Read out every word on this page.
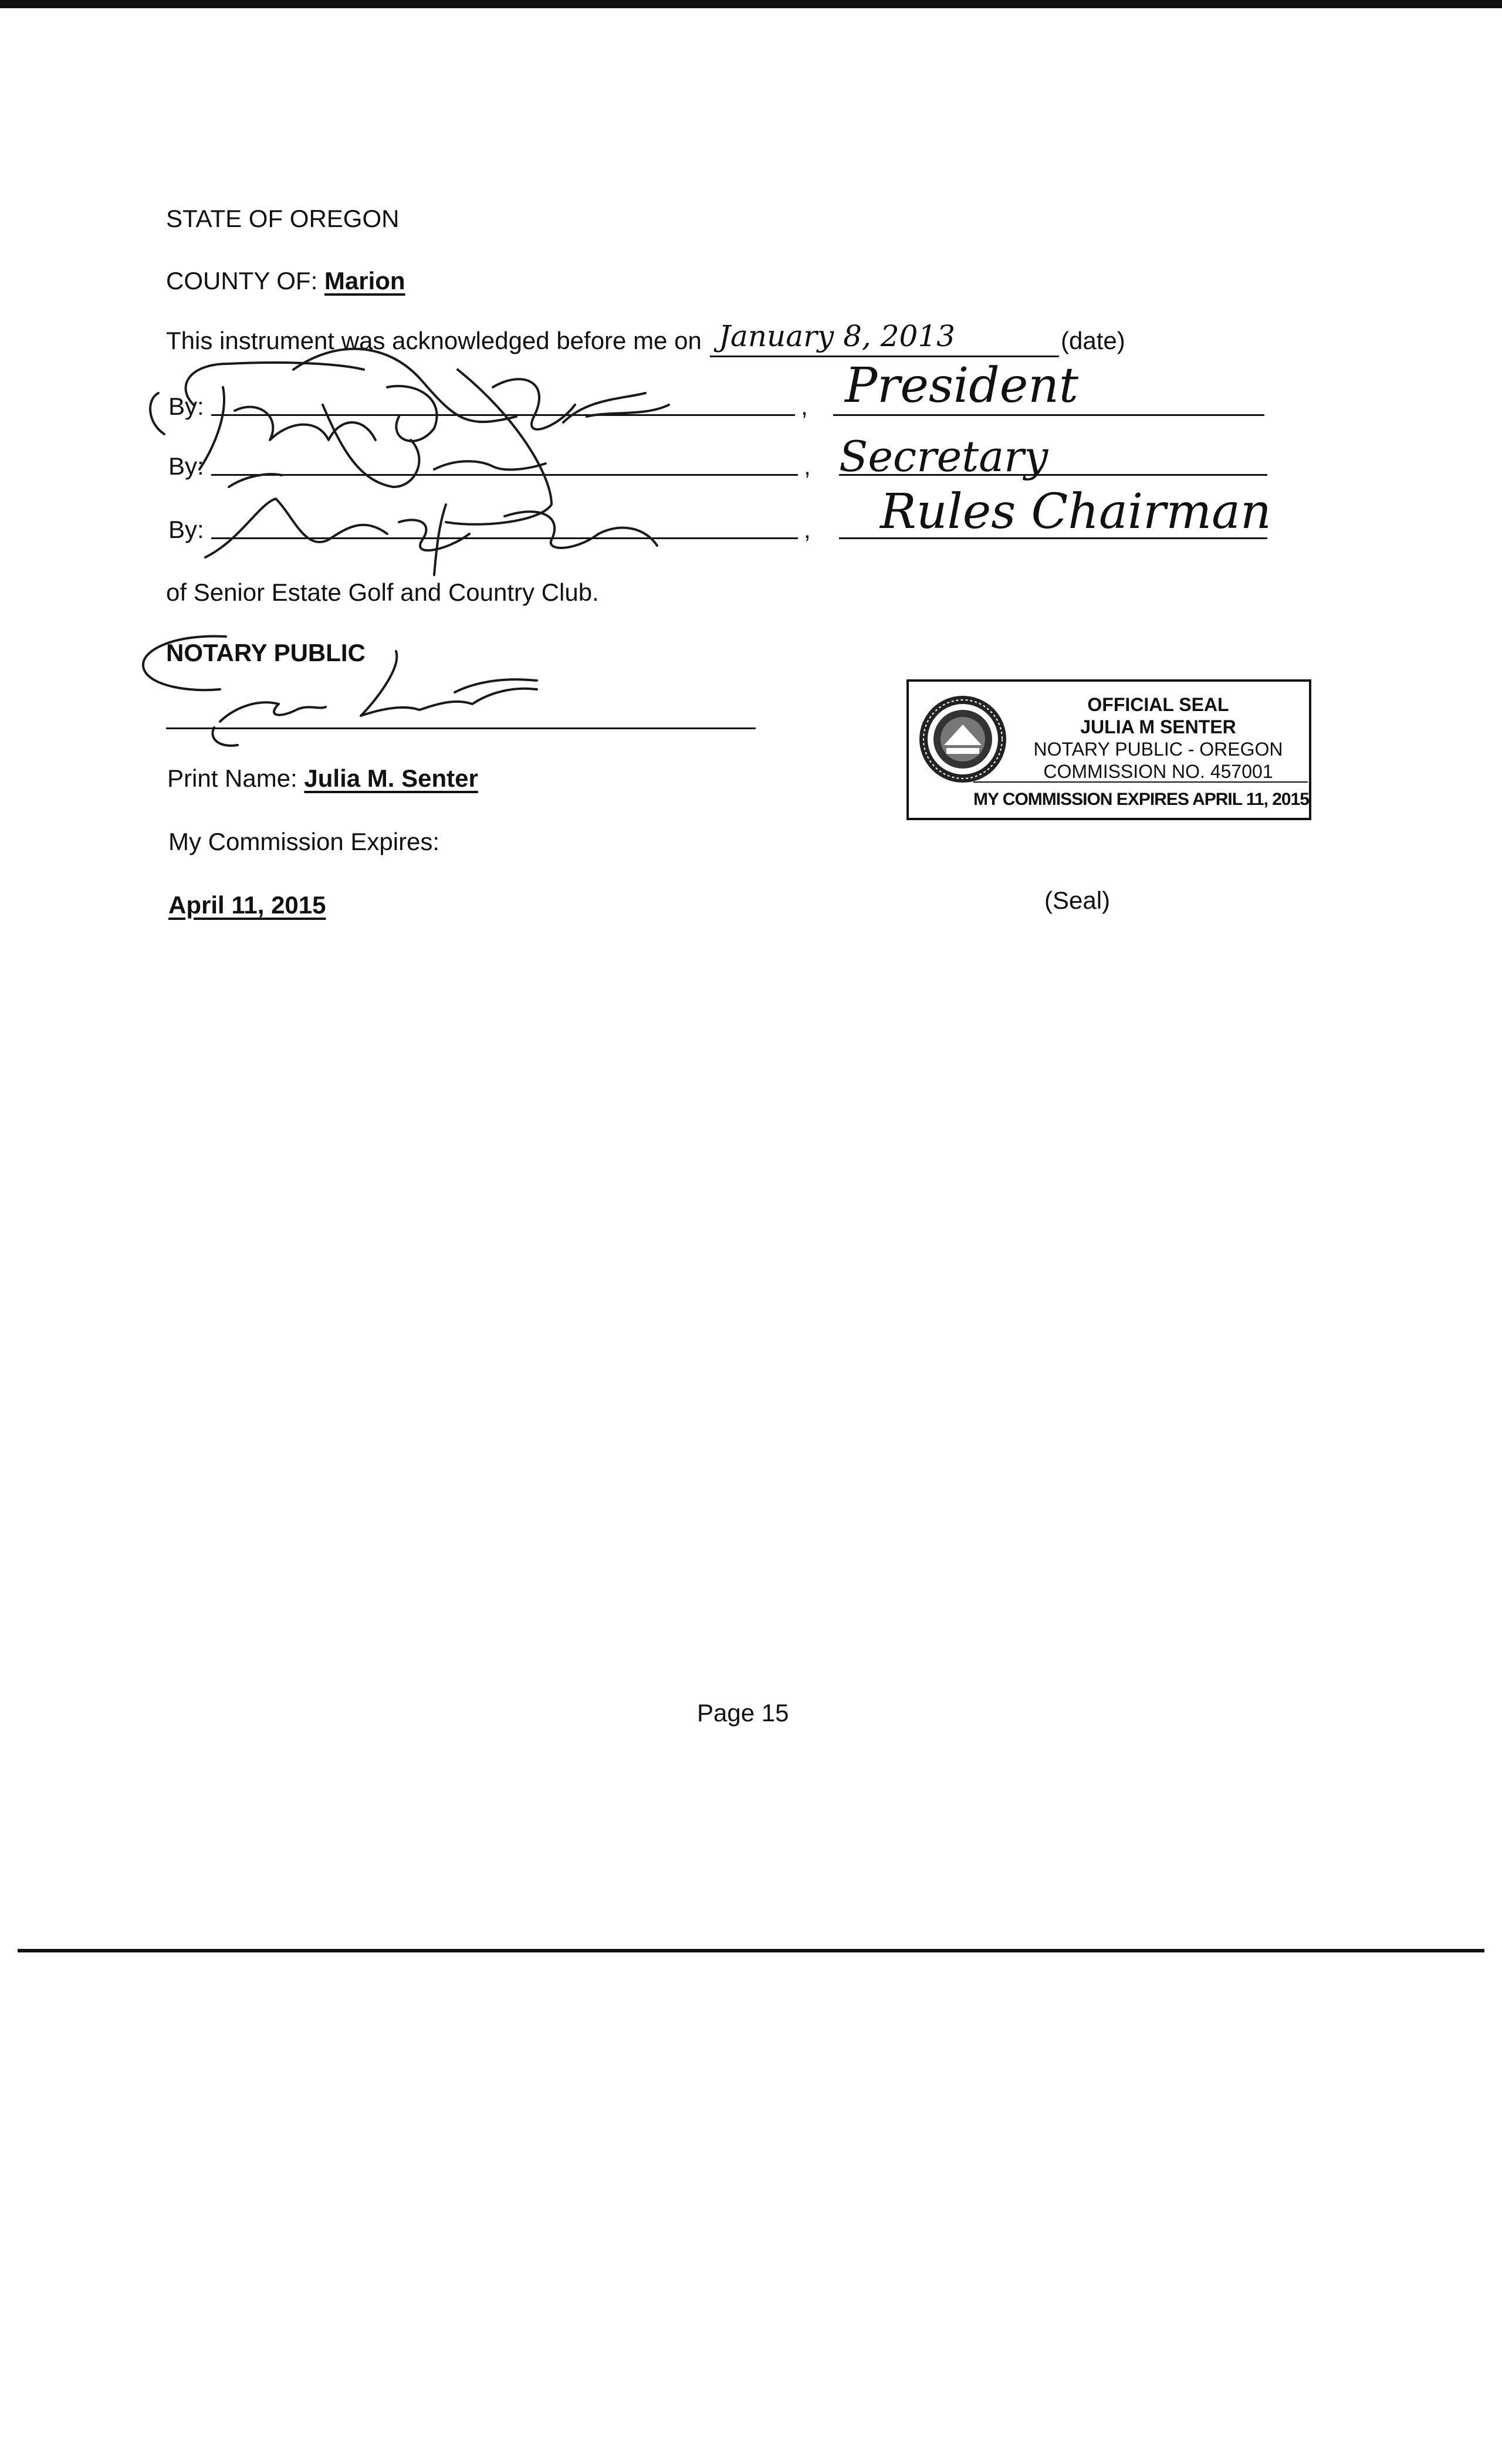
STATE OF OREGON
COUNTY OF: Marion
This instrument was acknowledged before me on January 8, 2013	(date)
By:	, President
By:	, Secretary
By:	, Rules Chairman
of Senior Estate Golf and Country Club.
NOTARY PUBLIC
Print Name: Julia M. Senter
My Commission Expires:
April 11, 2015	(Seal)
OFFICIAL SEAL
JULIA M SENTER
NOTARY PUBLIC - OREGON
COMMISSION NO. 457001
MY COMMISSION EXPIRES APRIL 11, 2015
Page 15
